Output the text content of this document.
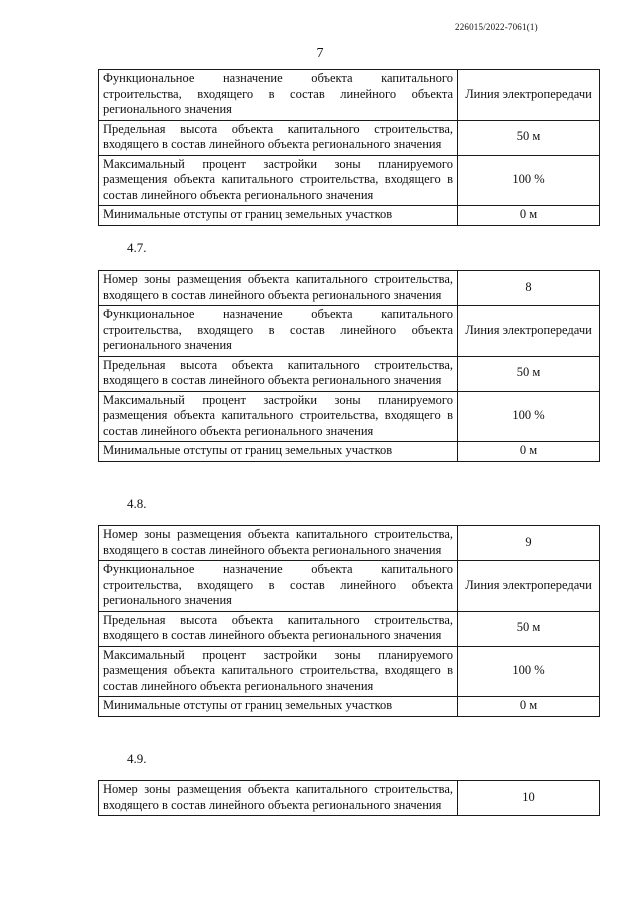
226015/2022-7061(1)
7
Функциональное назначение объекта капитального строительства, входящего в состав линейного объекта регионального значения	Линия электропередачи
Предельная высота объекта капитального строительства, входящего в состав линейного объекта регионального значения	50 м
Максимальный процент застройки зоны планируемого размещения объекта капитального строительства, входящего в состав линейного объекта регионального значения	100 %
Минимальные отступы от границ земельных участков	0 м
4.7.
Номер зоны размещения объекта капитального строительства, входящего в состав линейного объекта регионального значения	8
Функциональное назначение объекта капитального строительства, входящего в состав линейного объекта регионального значения	Линия электропередачи
Предельная высота объекта капитального строительства, входящего в состав линейного объекта регионального значения	50 м
Максимальный процент застройки зоны планируемого размещения объекта капитального строительства, входящего в состав линейного объекта регионального значения	100 %
Минимальные отступы от границ земельных участков	0 м
4.8.
Номер зоны размещения объекта капитального строительства, входящего в состав линейного объекта регионального значения	9
Функциональное назначение объекта капитального строительства, входящего в состав линейного объекта регионального значения	Линия электропередачи
Предельная высота объекта капитального строительства, входящего в состав линейного объекта регионального значения	50 м
Максимальный процент застройки зоны планируемого размещения объекта капитального строительства, входящего в состав линейного объекта регионального значения	100 %
Минимальные отступы от границ земельных участков	0 м
4.9.
Номер зоны размещения объекта капитального строительства, входящего в состав линейного объекта регионального значения	10
